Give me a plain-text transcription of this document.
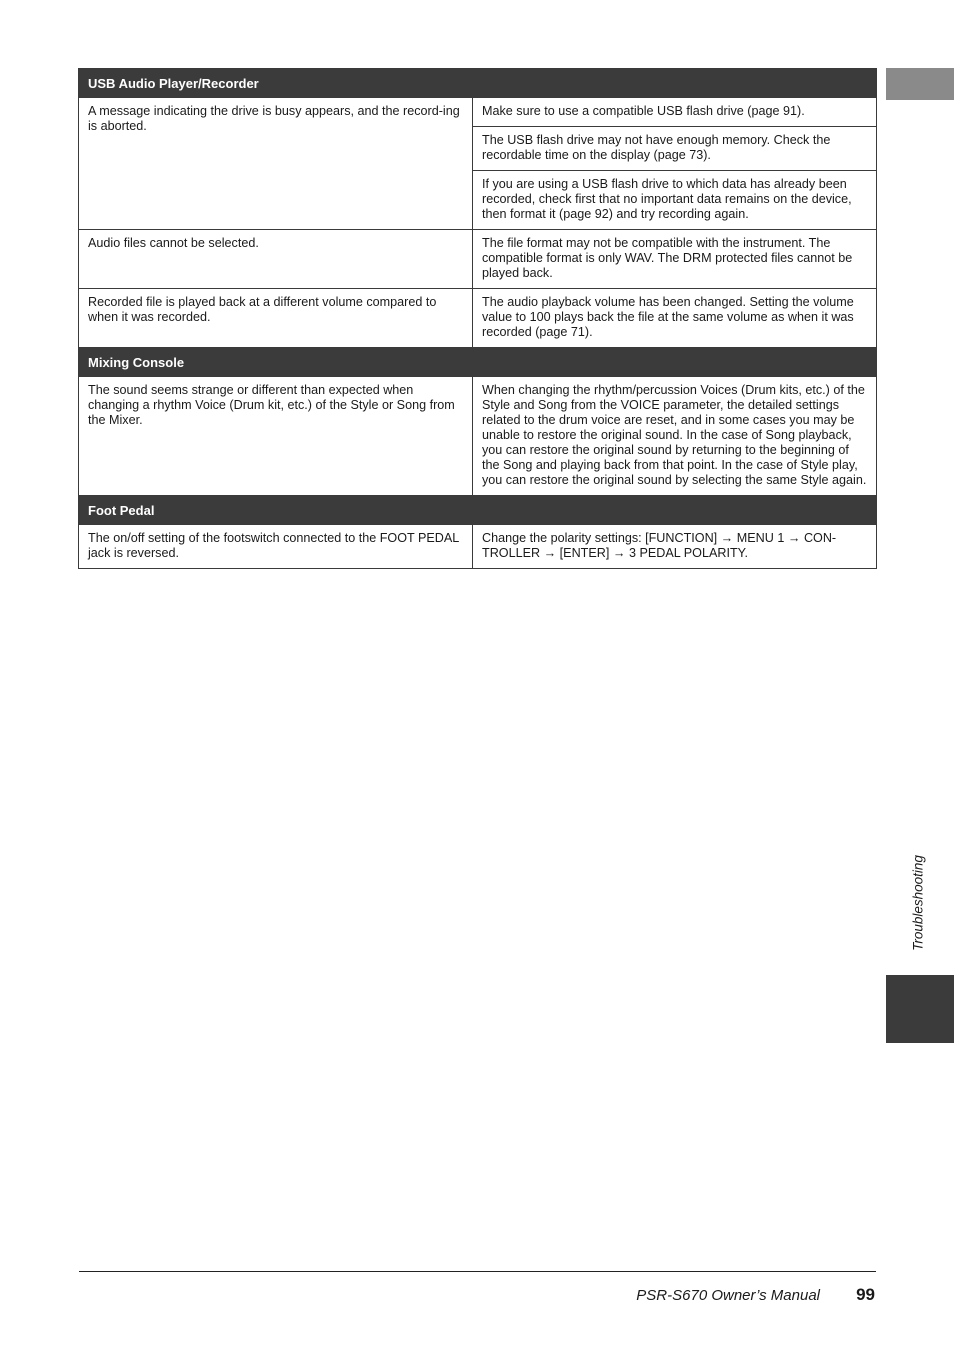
USB Audio Player/Recorder	
A message indicating the drive is busy appears, and the record-ing is aborted.	Make sure to use a compatible USB flash drive (page 91).
	The USB flash drive may not have enough memory. Check the recordable time on the display (page 73).
	If you are using a USB flash drive to which data has already been recorded, check first that no important data remains on the device, then format it (page 92) and try recording again.
Audio files cannot be selected.	The file format may not be compatible with the instrument. The compatible format is only WAV. The DRM protected files cannot be played back.
Recorded file is played back at a different volume compared to when it was recorded.	The audio playback volume has been changed. Setting the volume value to 100 plays back the file at the same volume as when it was recorded (page 71).
Mixing Console	
The sound seems strange or different than expected when changing a rhythm Voice (Drum kit, etc.) of the Style or Song from the Mixer.	When changing the rhythm/percussion Voices (Drum kits, etc.) of the Style and Song from the VOICE parameter, the detailed settings related to the drum voice are reset, and in some cases you may be unable to restore the original sound. In the case of Song playback, you can restore the original sound by returning to the beginning of the Song and playing back from that point. In the case of Style play, you can restore the original sound by selecting the same Style again.
Foot Pedal	
The on/off setting of the footswitch connected to the FOOT PEDAL jack is reversed.	Change the polarity settings: [FUNCTION] → MENU 1 → CON-TROLLER → [ENTER] → 3 PEDAL POLARITY.
Troubleshooting
PSR-S670 Owner’s Manual 99
